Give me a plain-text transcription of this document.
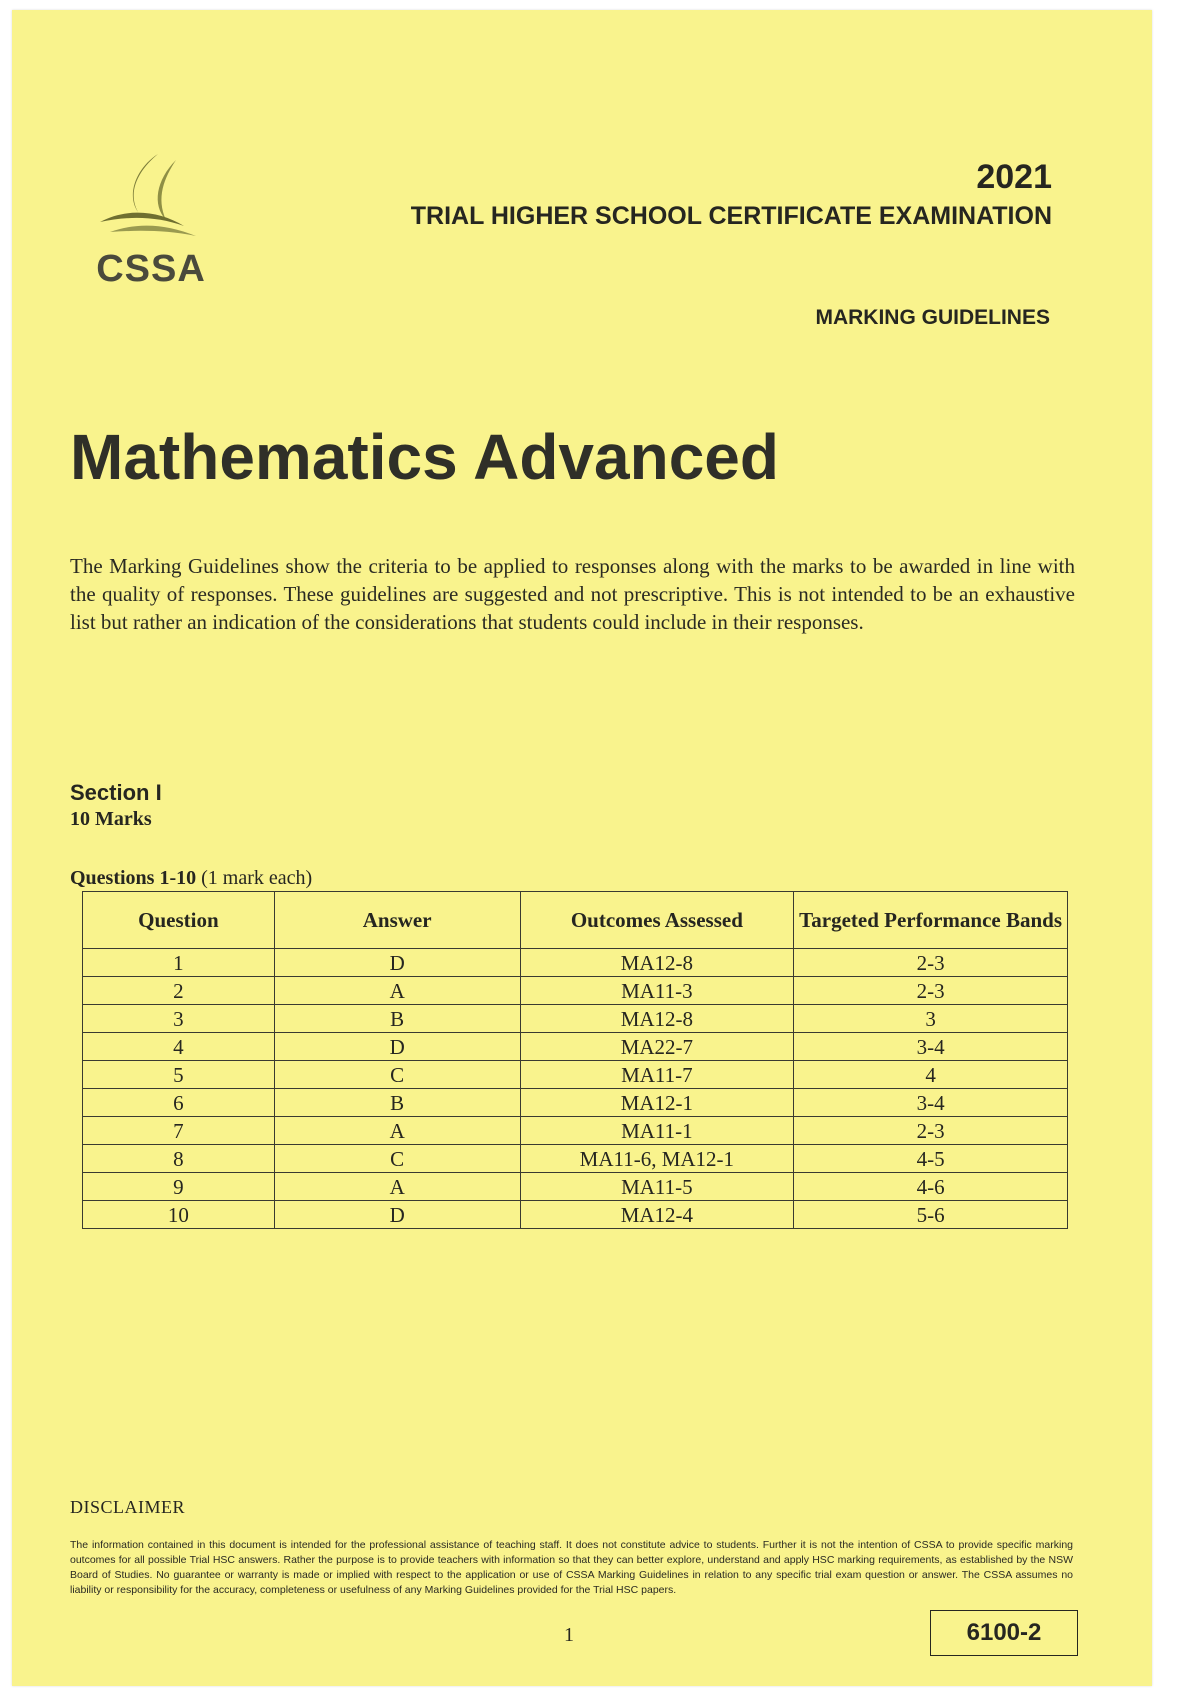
CSSA
2021
TRIAL HIGHER SCHOOL CERTIFICATE EXAMINATION
MARKING GUIDELINES
Mathematics Advanced
The Marking Guidelines show the criteria to be applied to responses along with the marks to be awarded in line with the quality of responses. These guidelines are suggested and not prescriptive. This is not intended to be an exhaustive list but rather an indication of the considerations that students could include in their responses.
Section I
10 Marks
Questions 1-10 (1 mark each)
Question	Answer	Outcomes Assessed	Targeted Performance Bands
1	D	MA12-8	2-3
2	A	MA11-3	2-3
3	B	MA12-8	3
4	D	MA22-7	3-4
5	C	MA11-7	4
6	B	MA12-1	3-4
7	A	MA11-1	2-3
8	C	MA11-6, MA12-1	4-5
9	A	MA11-5	4-6
10	D	MA12-4	5-6
DISCLAIMER
The information contained in this document is intended for the professional assistance of teaching staff. It does not constitute advice to students. Further it is not the intention of CSSA to provide specific marking outcomes for all possible Trial HSC answers. Rather the purpose is to provide teachers with information so that they can better explore, understand and apply HSC marking requirements, as established by the NSW Board of Studies. No guarantee or warranty is made or implied with respect to the application or use of CSSA Marking Guidelines in relation to any specific trial exam question or answer. The CSSA assumes no liability or responsibility for the accuracy, completeness or usefulness of any Marking Guidelines provided for the Trial HSC papers.
1	6100-2
